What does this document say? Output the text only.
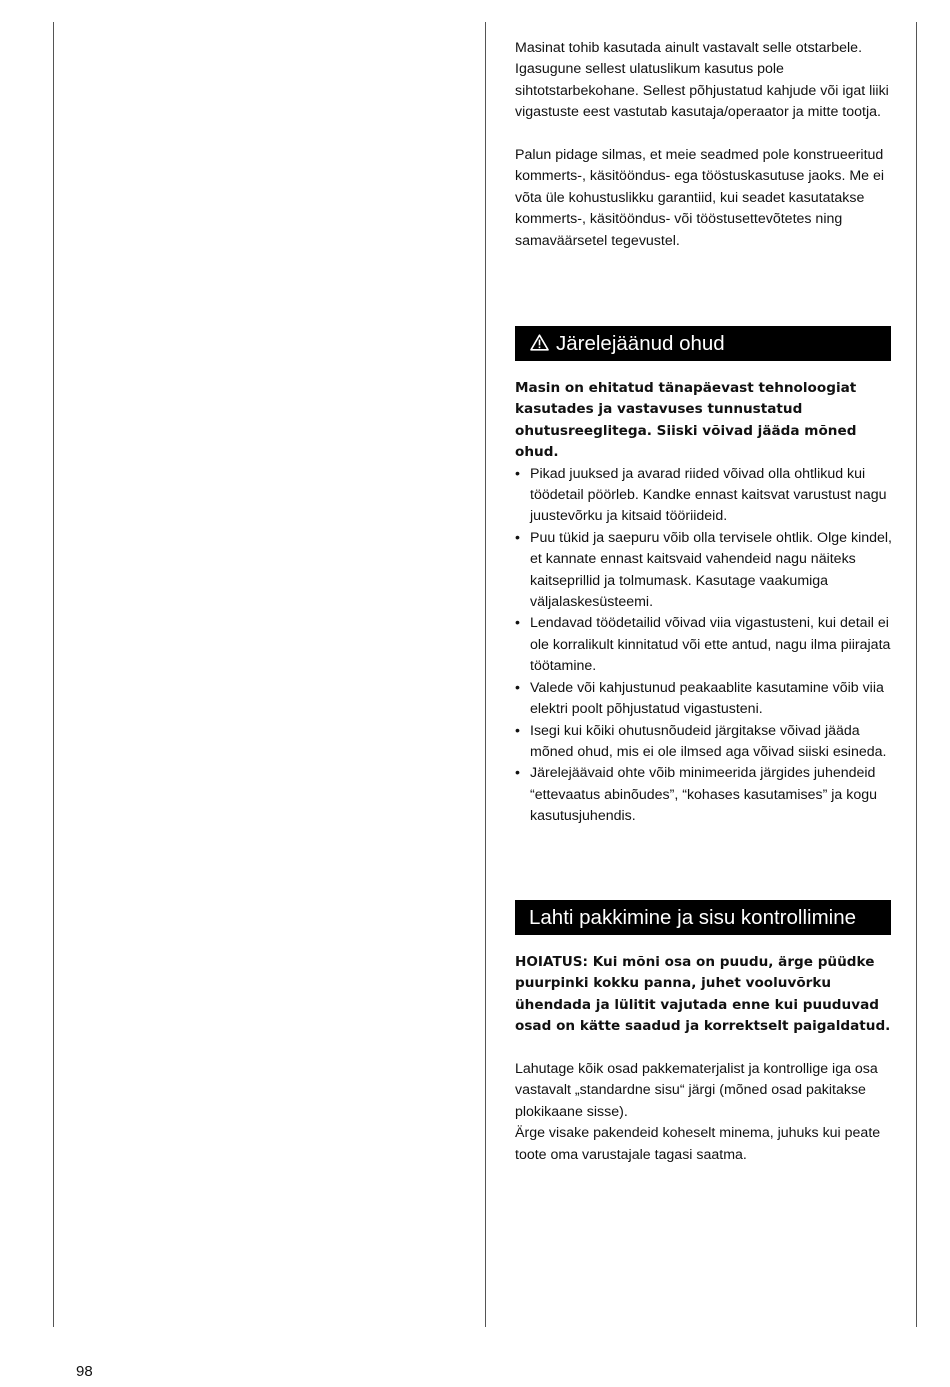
Masinat tohib kasutada ainult vastavalt selle otstarbele. Igasugune sellest ulatuslikum kasutus pole sihtotstarbekohane. Sellest põhjustatud kahjude või igat liiki vigastuste eest vastutab kasutaja/operaator ja mitte tootja.

Palun pidage silmas, et meie seadmed pole konstrueeritud kommerts-, käsitööndus- ega tööstuskasutuse jaoks. Me ei võta üle kohustuslikku garantiid, kui seadet kasutatakse kommerts-, käsitööndus- või tööstusettevõtetes ning samaväärsetel tegevustel.

Järelejäänud ohud

Masin on ehitatud tänapäevast tehnoloogiat kasutades ja vastavuses tunnustatud ohutusreeglitega. Siiski võivad jääda mõned ohud.

• Pikad juuksed ja avarad riided võivad olla ohtlikud kui töödetail pöörleb. Kandke ennast kaitsvat varustust nagu juustevõrku ja kitsaid tööriideid.
• Puu tükid ja saepuru võib olla tervisele ohtlik. Olge kindel, et kannate ennast kaitsvaid vahendeid nagu näiteks kaitseprillid ja tolmumask. Kasutage vaakumiga väljalaskesüsteemi.
• Lendavad töödetailid võivad viia vigastusteni, kui detail ei ole korralikult kinnitatud või ette antud, nagu ilma piirajata töötamine.
• Valede või kahjustunud peakaablite kasutamine võib viia elektri poolt põhjustatud vigastusteni.
• Isegi kui kõiki ohutusnõudeid järgitakse võivad jääda mõned ohud, mis ei ole ilmsed aga võivad siiski esineda.
• Järelejäävaid ohte võib minimeerida järgides juhendeid “ettevaatus abinõudes”, “kohases kasutamises” ja kogu kasutusjuhendis.
Lahti pakkimine ja sisu kontrollimine

HOIATUS: Kui mõni osa on puudu, ärge püüdke puurpinki kokku panna, juhet vooluvõrku ühendada ja lülitit vajutada enne kui puuduvad osad on kätte saadud ja korrektselt paigaldatud.

Lahutage kõik osad pakkematerjalist ja kontrollige iga osa vastavalt „standardne sisu“ järgi (mõned osad pakitakse plokikaane sisse).

Ärge visake pakendeid koheselt minema, juhuks kui peate toote oma varustajale tagasi saatma.

98
